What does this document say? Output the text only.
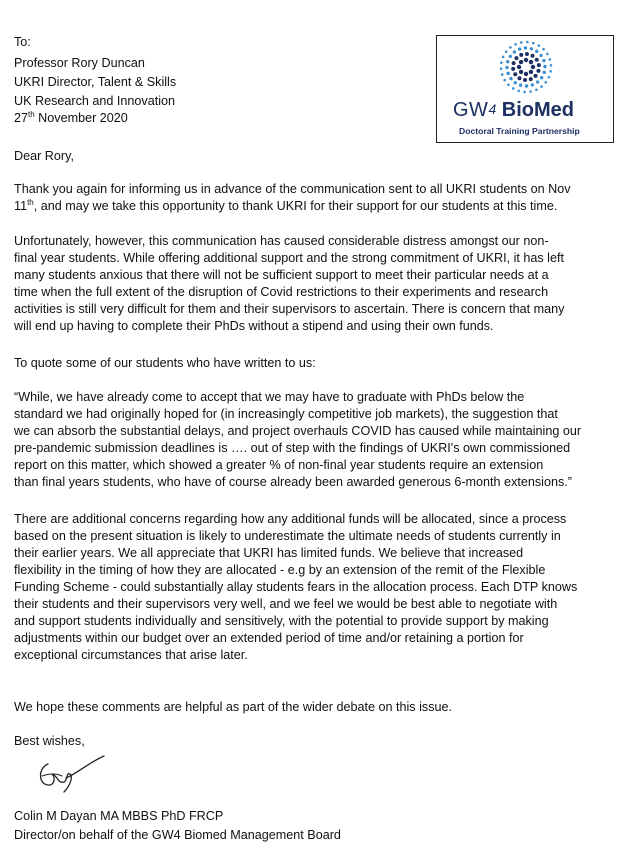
To:

Professor Rory Duncan

UKRI Director, Talent & Skills

UK Research and Innovation

27th November 2020	GW4 BioMed
Doctoral Training Partnership

Dear Rory,

Thank you again for informing us in advance of the communication sent to all UKRI students on Nov
11th, and may we take this opportunity to thank UKRI for their support for our students at this time.
Unfortunately, however, this communication has caused considerable distress amongst our non-
final year students. While offering additional support and the strong commitment of UKRI, it has left
many students anxious that there will not be sufficient support to meet their particular needs at a
time when the full extent of the disruption of Covid restrictions to their experiments and research
activities is still very difficult for them and their supervisors to ascertain. There is concern that many
will end up having to complete their PhDs without a stipend and using their own funds.

To quote some of our students who have written to us:

“While, we have already come to accept that we may have to graduate with PhDs below the
standard we had originally hoped for (in increasingly competitive job markets), the suggestion that
we can absorb the substantial delays, and project overhauls COVID has caused while maintaining our
pre-pandemic submission deadlines is …. out of step with the findings of UKRI's own commissioned
report on this matter, which showed a greater % of non-final year students require an extension
than final years students, who have of course already been awarded generous 6-month extensions.”
There are additional concerns regarding how any additional funds will be allocated, since a process
based on the present situation is likely to underestimate the ultimate needs of students currently in
their earlier years. We all appreciate that UKRI has limited funds. We believe that increased
flexibility in the timing of how they are allocated - e.g by an extension of the remit of the Flexible
Funding Scheme - could substantially allay students fears in the allocation process. Each DTP knows
their students and their supervisors very well, and we feel we would be best able to negotiate with
and support students individually and sensitively, with the potential to provide support by making
adjustments within our budget over an extended period of time and/or retaining a portion for
exceptional circumstances that arise later.

We hope these comments are helpful as part of the wider debate on this issue.

Best wishes,

Colin M Dayan MA MBBS PhD FRCP

Director/on behalf of the GW4 Biomed Management Board
